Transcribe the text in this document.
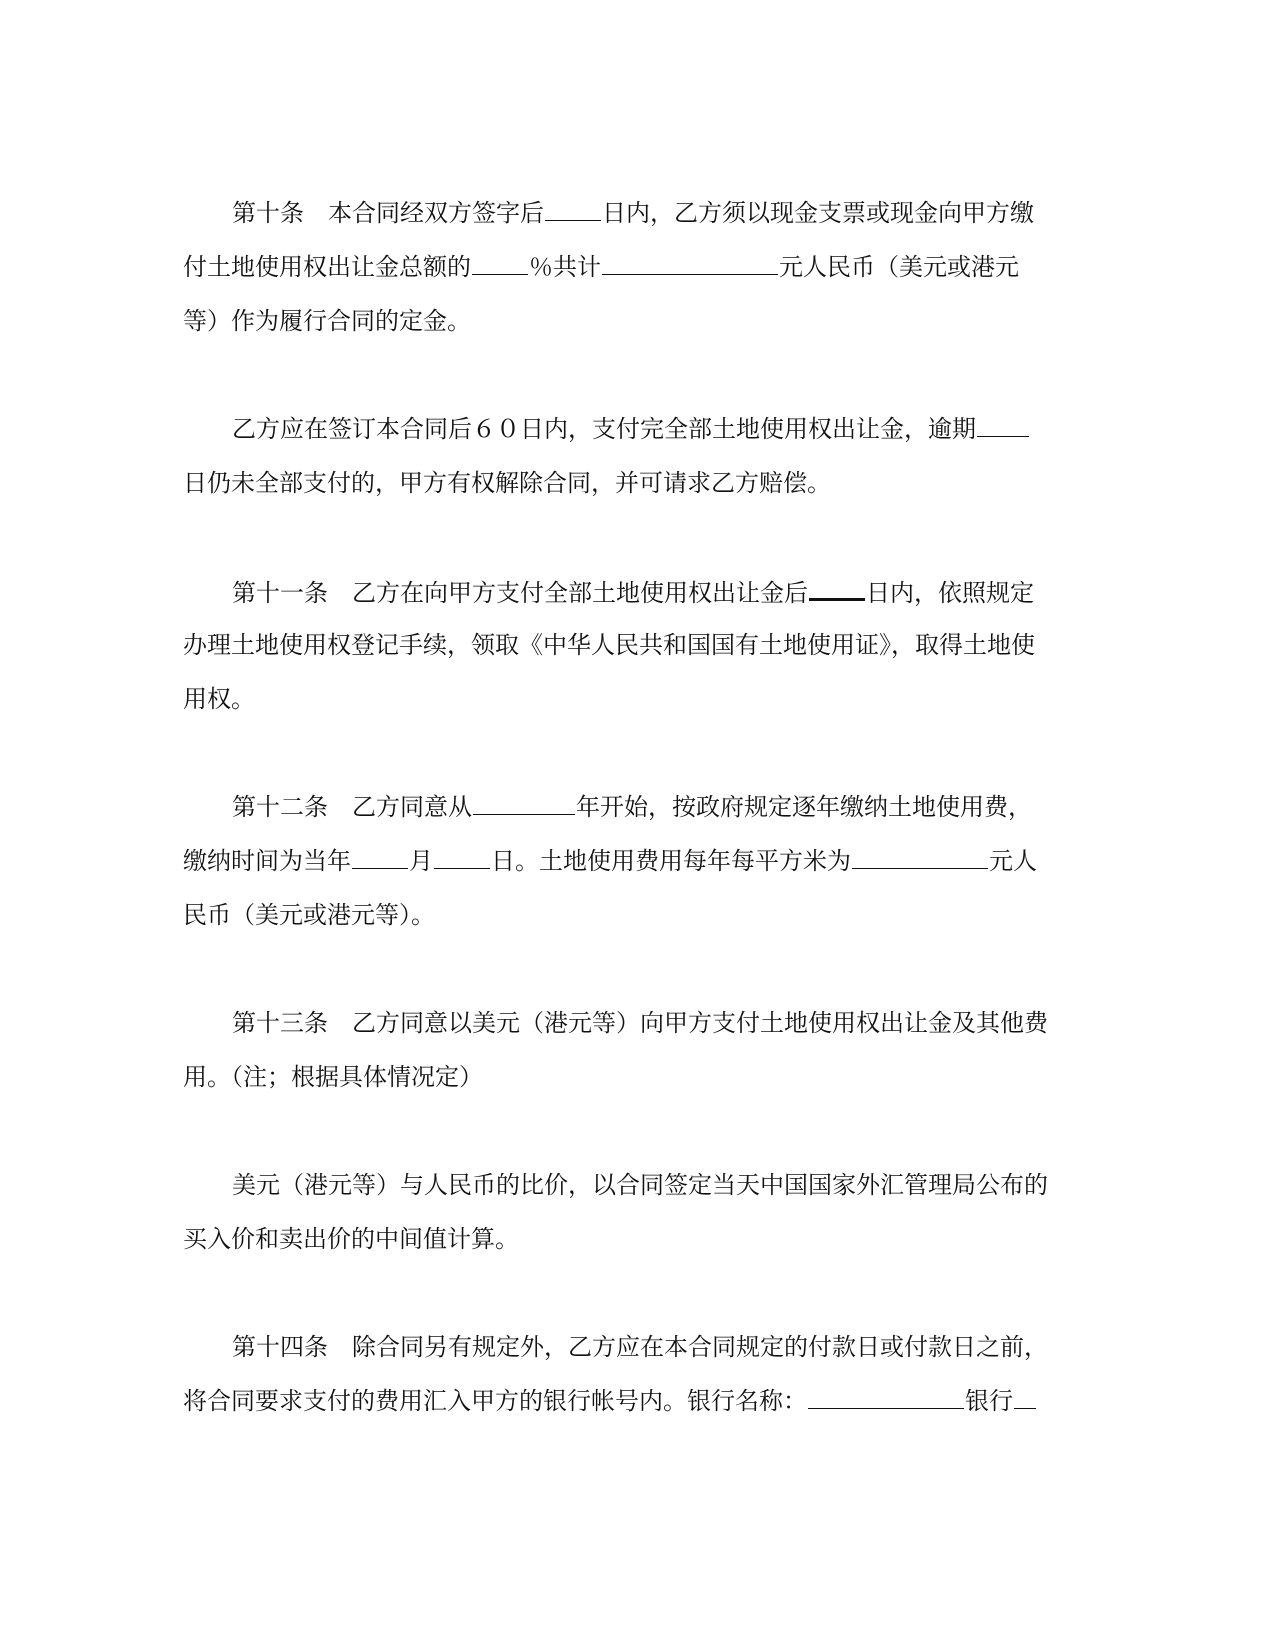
第十条　本合同经双方签字后 日内，乙方须以现金支票或现金向甲方缴
付土地使用权出让金总额的 ％共计	元人民币（美元或港元
等）作为履行合同的定金。
乙方应在签订本合同后６０日内，支付完全部土地使用权出让金，逾期
日仍未全部支付的，甲方有权解除合同，并可请求乙方赔偿。
第十一条　乙方在向甲方支付全部土地使用权出让金后 日内，依照规定
办理土地使用权登记手续，领取《中华人民共和国国有土地使用证》，取得土地使
用权。
第十二条　乙方同意从	年开始，按政府规定逐年缴纳土地使用费，
缴纳时间为当年 月 日。土地使用费用每年每平方米为	元人
民币（美元或港元等）。
第十三条　乙方同意以美元（港元等）向甲方支付土地使用权出让金及其他费
用。（注；根据具体情况定）
美元（港元等）与人民币的比价，以合同签定当天中国国家外汇管理局公布的
买入价和卖出价的中间值计算。
第十四条　除合同另有规定外，乙方应在本合同规定的付款日或付款日之前，
将合同要求支付的费用汇入甲方的银行帐号内。银行名称：	银行
